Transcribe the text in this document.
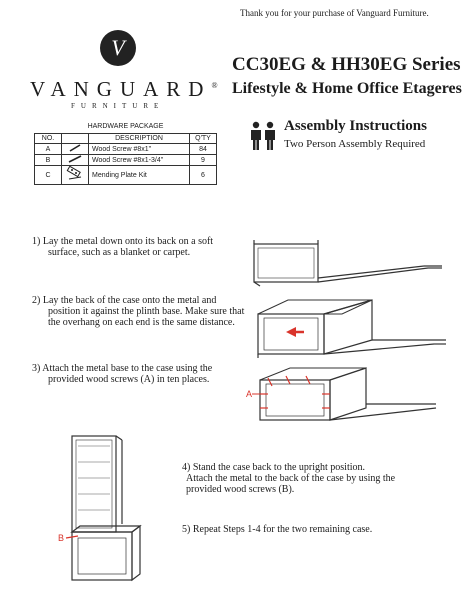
Thank you for your purchase of Vanguard Furniture.
V
VANGUARD®
FURNITURE
CC30EG & HH30EG Series
Lifestyle & Home Office Etageres
HARDWARE PACKAGE
NO.		DESCRIPTION	Q'TY
A		Wood Screw #8x1"	84
B		Wood Screw #8x1-3/4"	9
C		Mending Plate Kit	6
Assembly Instructions
Two Person Assembly Required
1) Lay the metal down onto its back on a soft
surface, such as a blanket or carpet.
2) Lay the back of the case onto the metal and
position it against the plinth base. Make sure that
the overhang on each end is the same distance.
3) Attach the metal base to the case using the
provided wood screws (A) in ten places.
4) Stand the case back to the upright position.
Attach the metal to the back of the case by using the
provided wood screws (B).
5) Repeat Steps 1-4 for the two remaining case.
A
B
